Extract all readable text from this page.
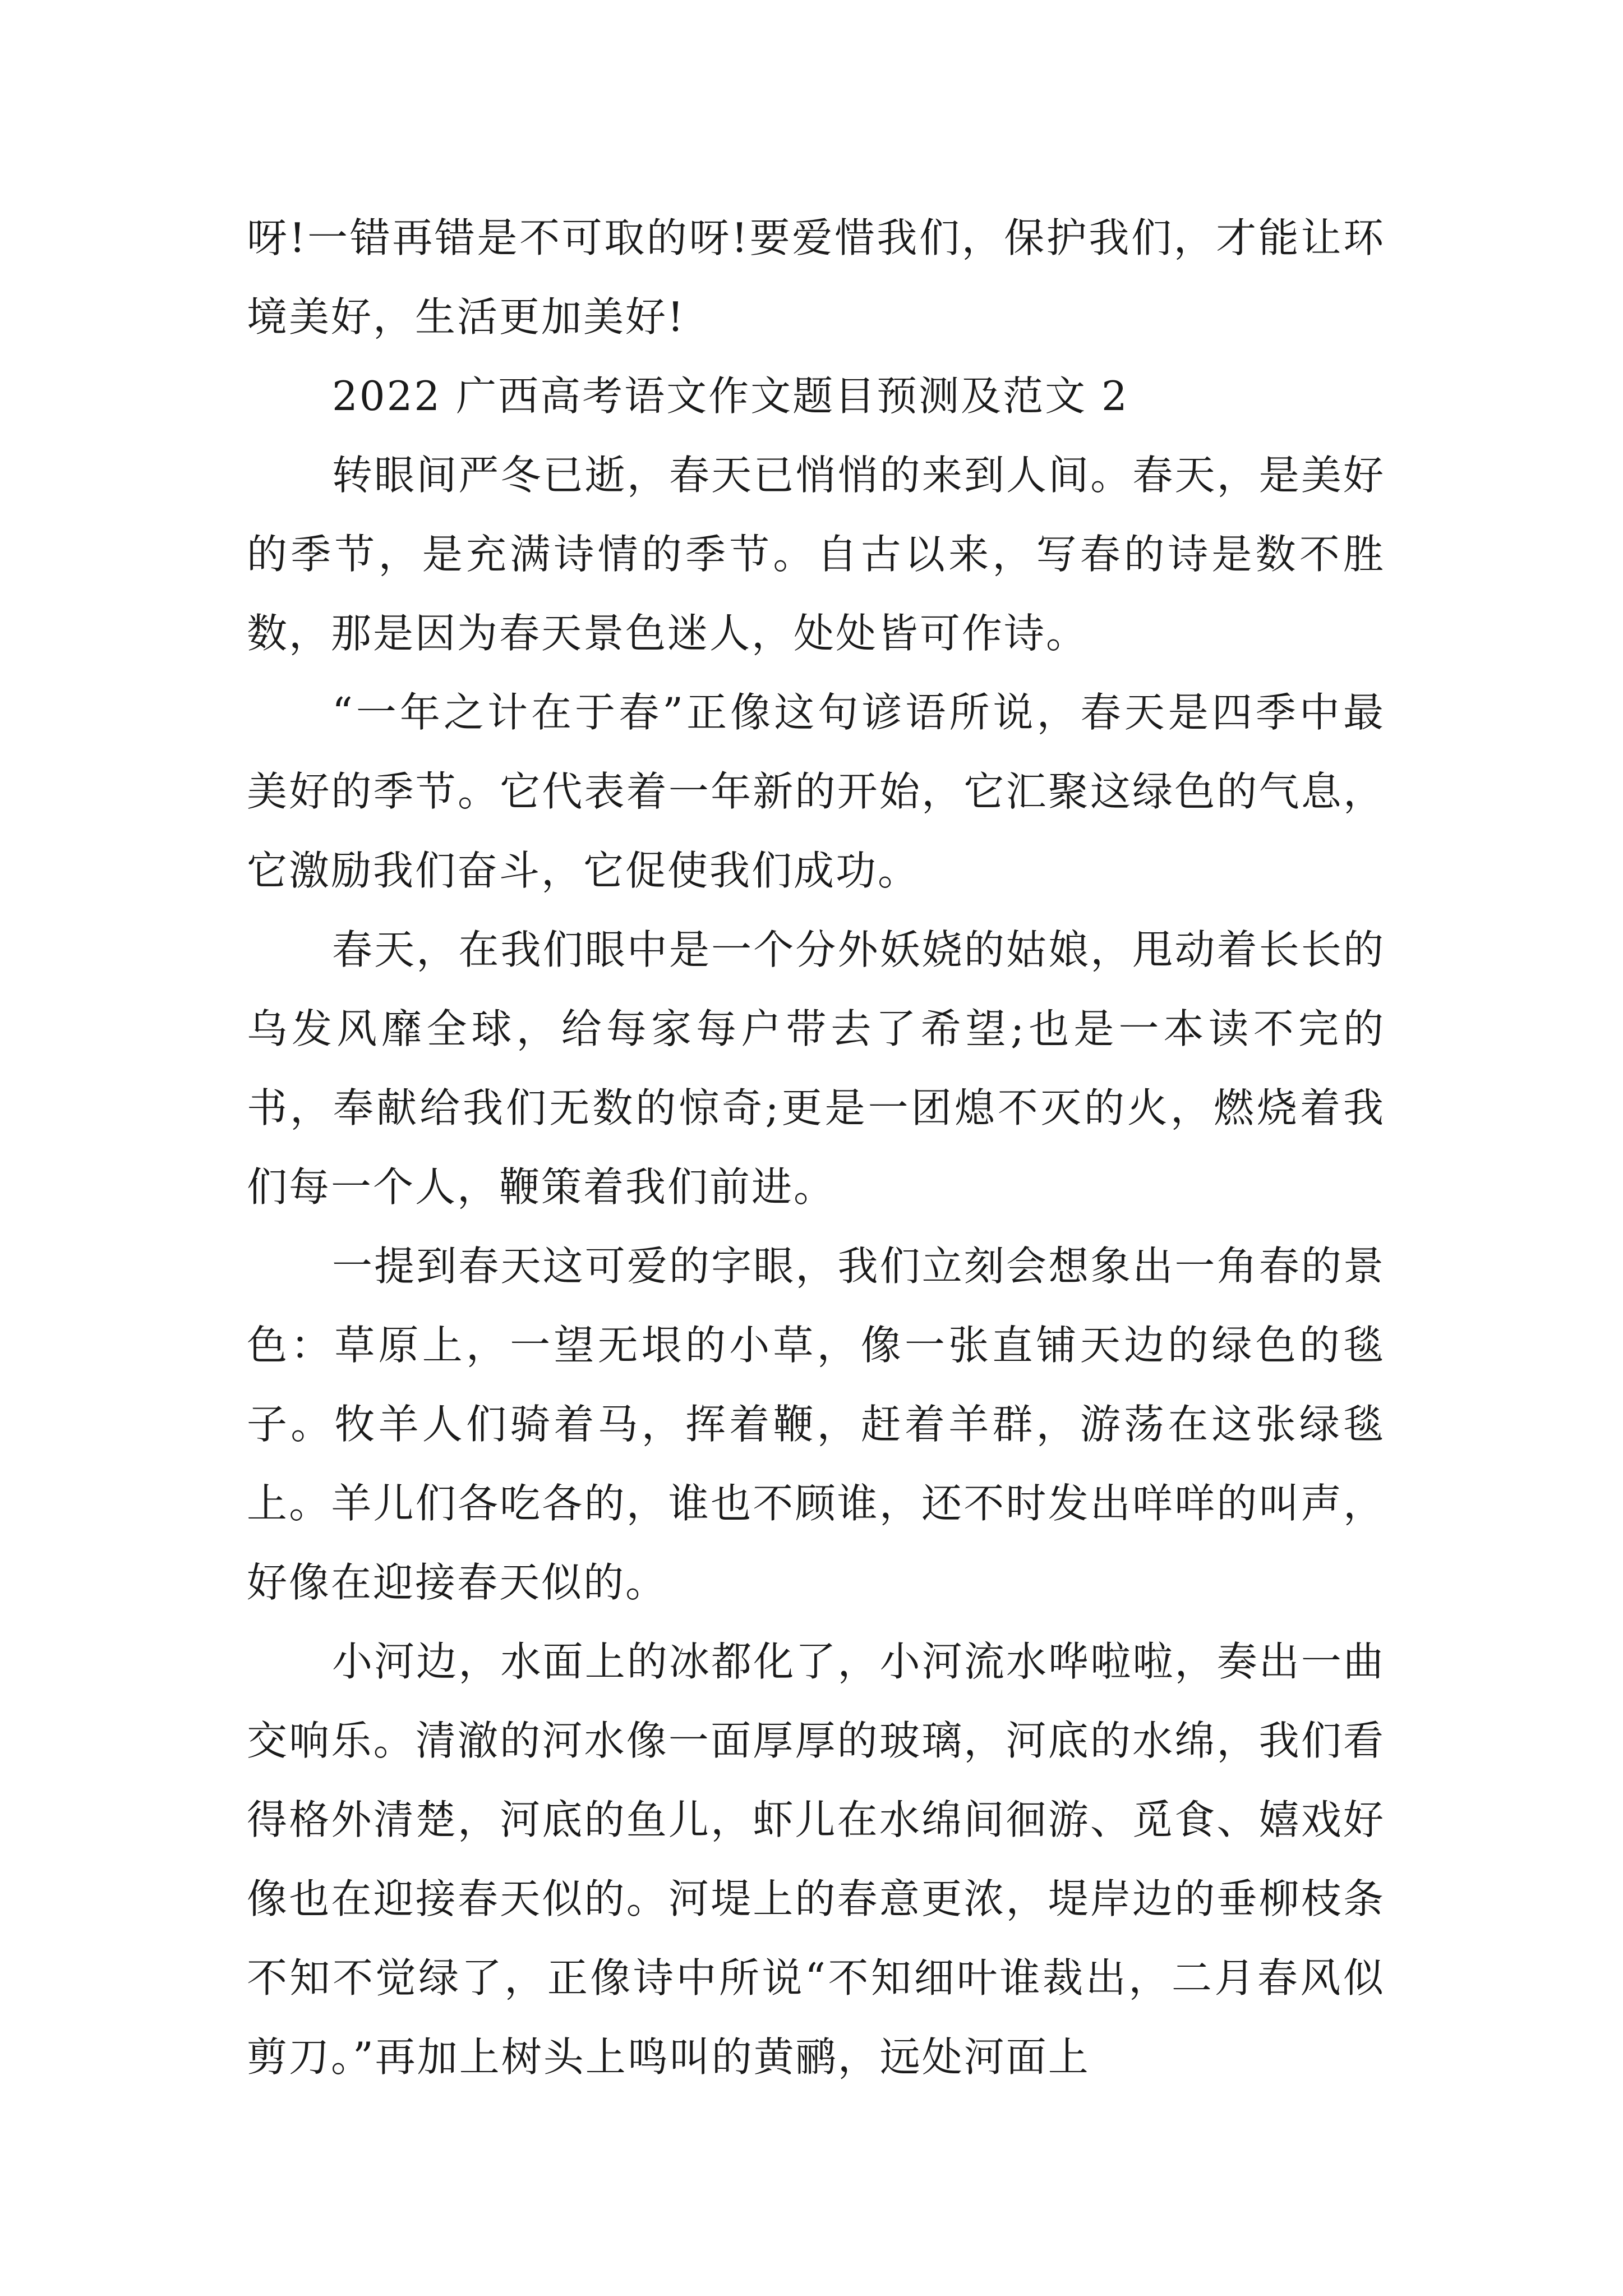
呀!一错再错是不可取的呀!要爱惜我们，保护我们，才能让环境美好，生活更加美好!

2022 广西高考语文作文题目预测及范文 2

转眼间严冬已逝，春天已悄悄的来到人间。春天，是美好的季节，是充满诗情的季节。自古以来，写春的诗是数不胜数，那是因为春天景色迷人，处处皆可作诗。

“一年之计在于春”正像这句谚语所说，春天是四季中最美好的季节。它代表着一年新的开始，它汇聚这绿色的气息，它激励我们奋斗，它促使我们成功。

春天，在我们眼中是一个分外妖娆的姑娘，甩动着长长的乌发风靡全球，给每家每户带去了希望;也是一本读不完的书，奉献给我们无数的惊奇;更是一团熄不灭的火，燃烧着我们每一个人，鞭策着我们前进。

一提到春天这可爱的字眼，我们立刻会想象出一角春的景色：草原上，一望无垠的小草，像一张直铺天边的绿色的毯子。牧羊人们骑着马，挥着鞭，赶着羊群，游荡在这张绿毯上。羊儿们各吃各的，谁也不顾谁，还不时发出咩咩的叫声，好像在迎接春天似的。

小河边，水面上的冰都化了，小河流水哗啦啦，奏出一曲交响乐。清澈的河水像一面厚厚的玻璃，河底的水绵，我们看得格外清楚，河底的鱼儿，虾儿在水绵间徊游、觅食、嬉戏好像也在迎接春天似的。河堤上的春意更浓，堤岸边的垂柳枝条不知不觉绿了，正像诗中所说“不知细叶谁裁出，二月春风似剪刀。”再加上树头上鸣叫的黄鹂，远处河面上
